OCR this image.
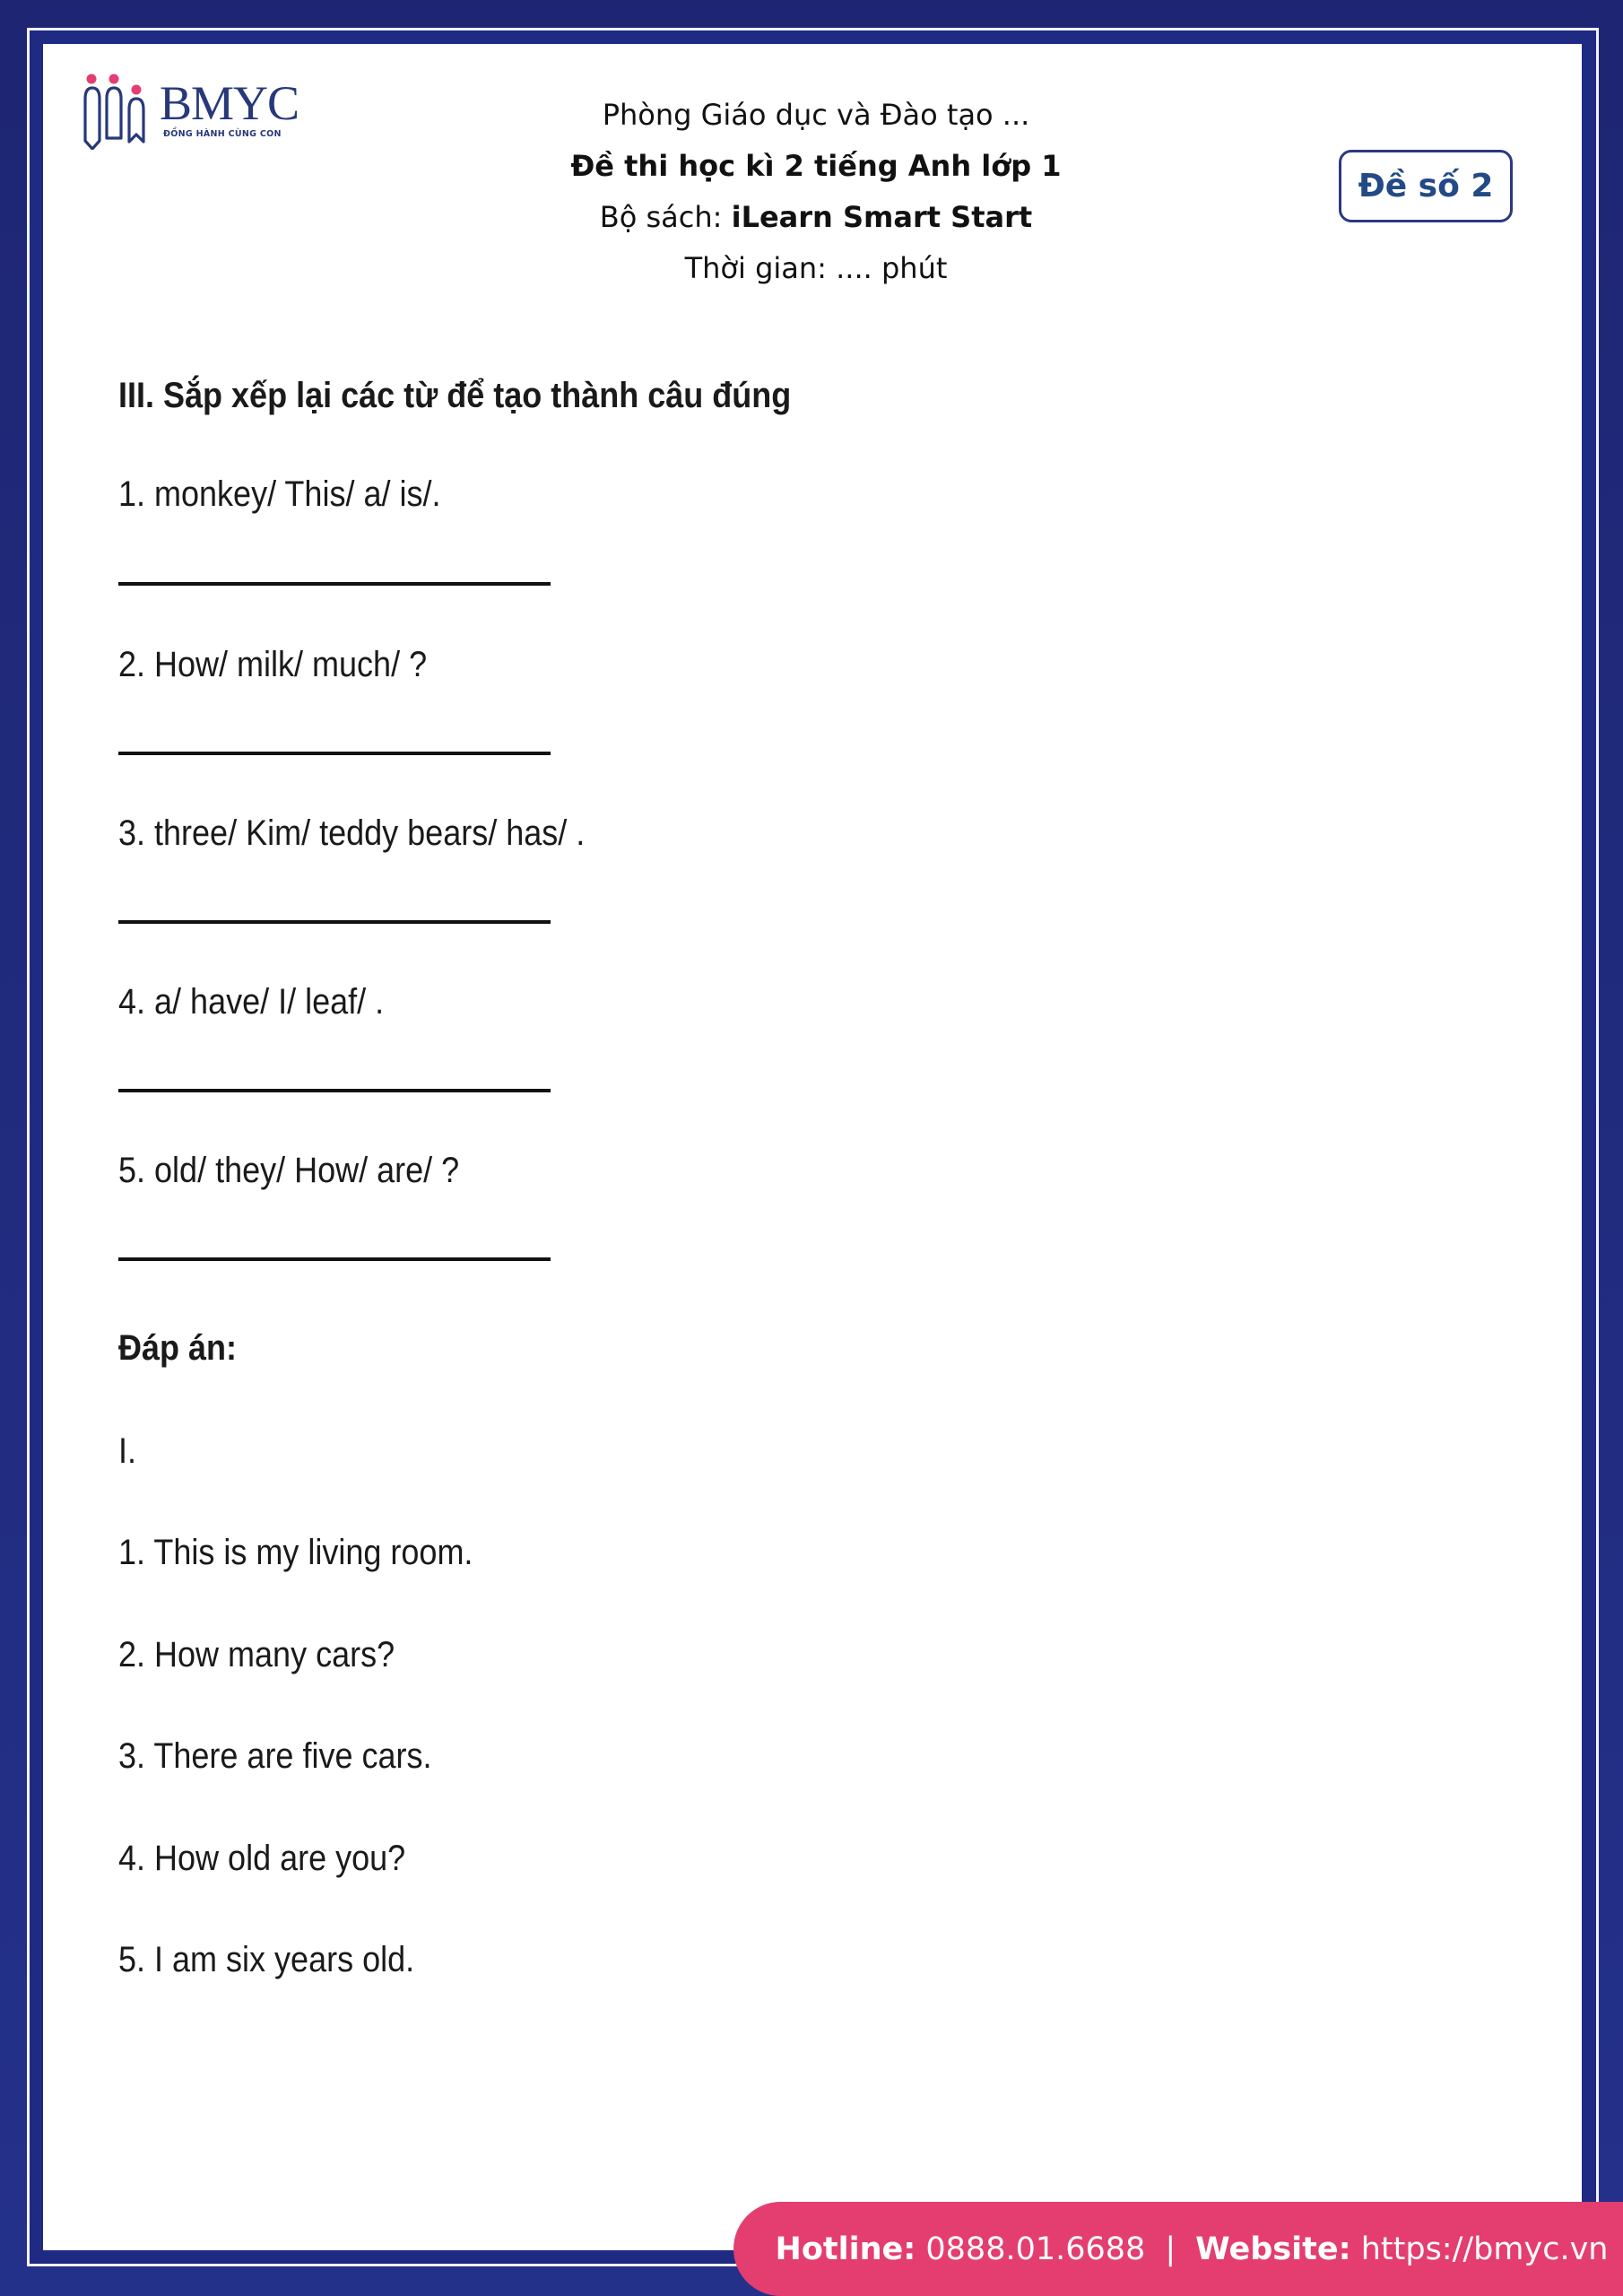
BMYC
ĐỒNG HÀNH CÙNG CON
Phòng Giáo dục và Đào tạo ...
Đề thi học kì 2 tiếng Anh lớp 1
Bộ sách: iLearn Smart Start
Thời gian: .... phút
Đề số 2
III. Sắp xếp lại các từ để tạo thành câu đúng
1. monkey/ This/ a/ is/.
2. How/ milk/ much/ ?
3. three/ Kim/ teddy bears/ has/ .
4. a/ have/ I/ leaf/ .
5. old/ they/ How/ are/ ?
Đáp án:
I.
1. This is my living room.
2. How many cars?
3. There are five cars.
4. How old are you?
5. I am six years old.
Hotline:
0888.01.6688 | Website:
https://bmyc.vn
